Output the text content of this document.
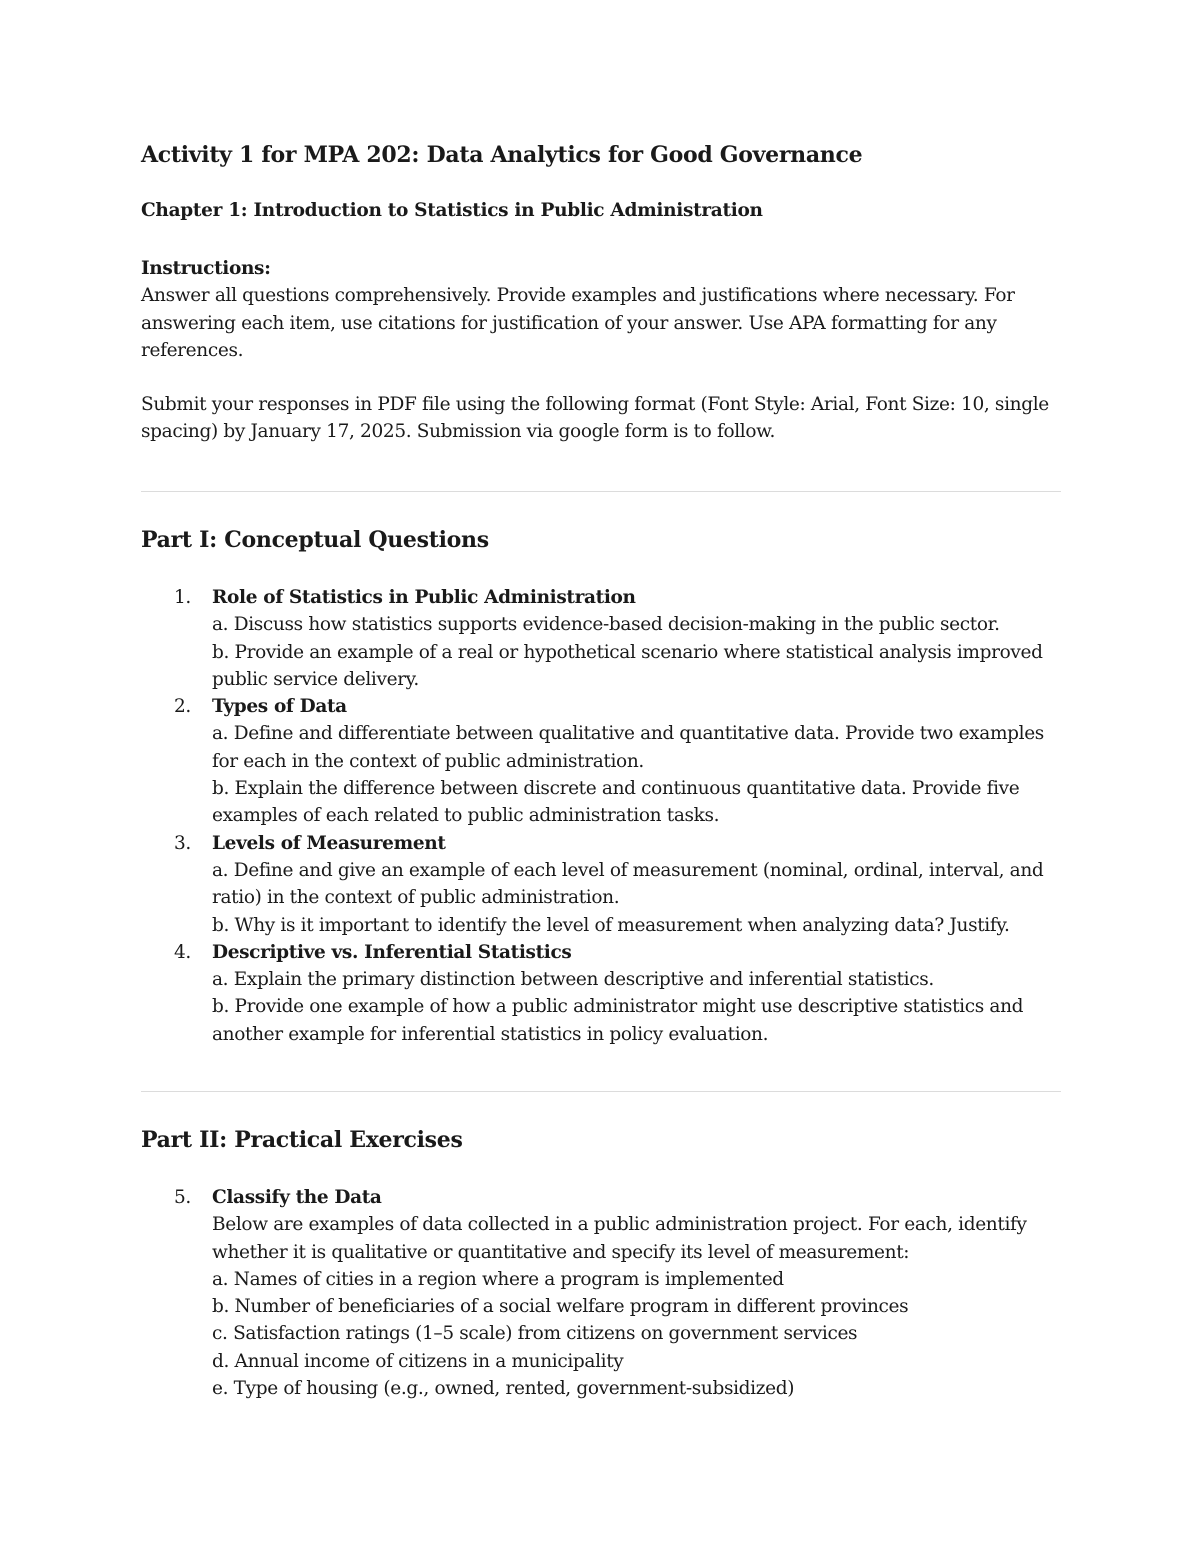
Activity 1 for MPA 202: Data Analytics for Good Governance
Chapter 1: Introduction to Statistics in Public Administration

Instructions:

Answer all questions comprehensively. Provide examples and justifications where necessary. For answering each item, use citations for justification of your answer. Use APA formatting for any references.

Submit your responses in PDF file using the following format (Font Style: Arial, Font Size: 10, single spacing) by January 17, 2025. Submission via google form is to follow.

Part I: Conceptual Questions
1. Role of Statistics in Public Administration
a. Discuss how statistics supports evidence-based decision-making in the public sector.
b. Provide an example of a real or hypothetical scenario where statistical analysis improved public service delivery.
2. Types of Data
a. Define and differentiate between qualitative and quantitative data. Provide two examples for each in the context of public administration.
b. Explain the difference between discrete and continuous quantitative data. Provide five examples of each related to public administration tasks.
3. Levels of Measurement
a. Define and give an example of each level of measurement (nominal, ordinal, interval, and ratio) in the context of public administration.
b. Why is it important to identify the level of measurement when analyzing data? Justify.
4. Descriptive vs. Inferential Statistics
a. Explain the primary distinction between descriptive and inferential statistics.
b. Provide one example of how a public administrator might use descriptive statistics and another example for inferential statistics in policy evaluation.
Part II: Practical Exercises
5. Classify the Data
Below are examples of data collected in a public administration project. For each, identify whether it is qualitative or quantitative and specify its level of measurement:
a. Names of cities in a region where a program is implemented
b. Number of beneficiaries of a social welfare program in different provinces
c. Satisfaction ratings (1–5 scale) from citizens on government services
d. Annual income of citizens in a municipality
e. Type of housing (e.g., owned, rented, government-subsidized)
